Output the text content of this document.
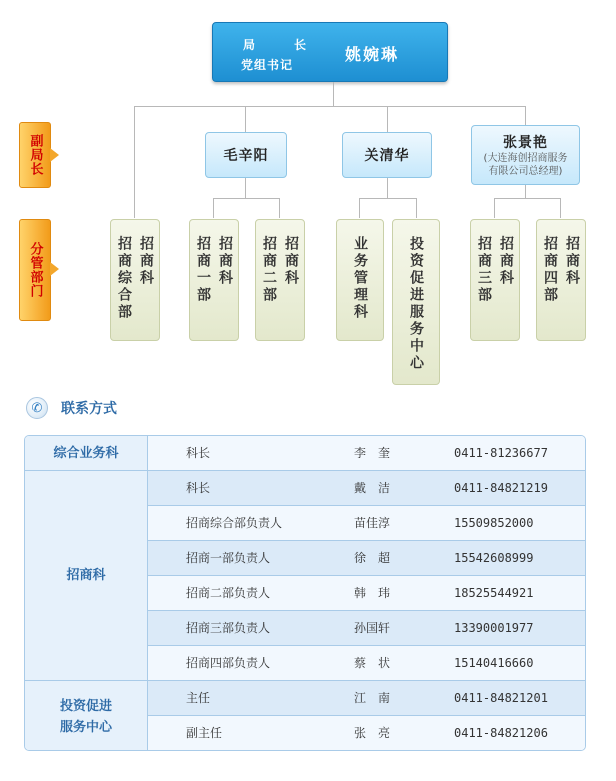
局	长
党组书记
姚婉琳
副局长
分管部门
毛辛阳	关清华
张景艳
(大连海创招商服务
有限公司总经理)
招商科
招商综合部	招商科
招商一部	招商科
招商二部	业务管理科	投资促进服务中心	招商科
招商三部	招商科
招商四部
✆	联系方式
综合业务科
招商科
投资促进
服务中心
科长	李　奎	0411-81236677
科长	戴　洁	0411-84821219
招商综合部负责人	苗佳淳	15509852000
招商一部负责人	徐　超	15542608999
招商二部负责人	韩　玮	18525544921
招商三部负责人	孙国轩	13390001977
招商四部负责人	蔡　状	15140416660
主任	江　南	0411-84821201
副主任	张　亮	0411-84821206
